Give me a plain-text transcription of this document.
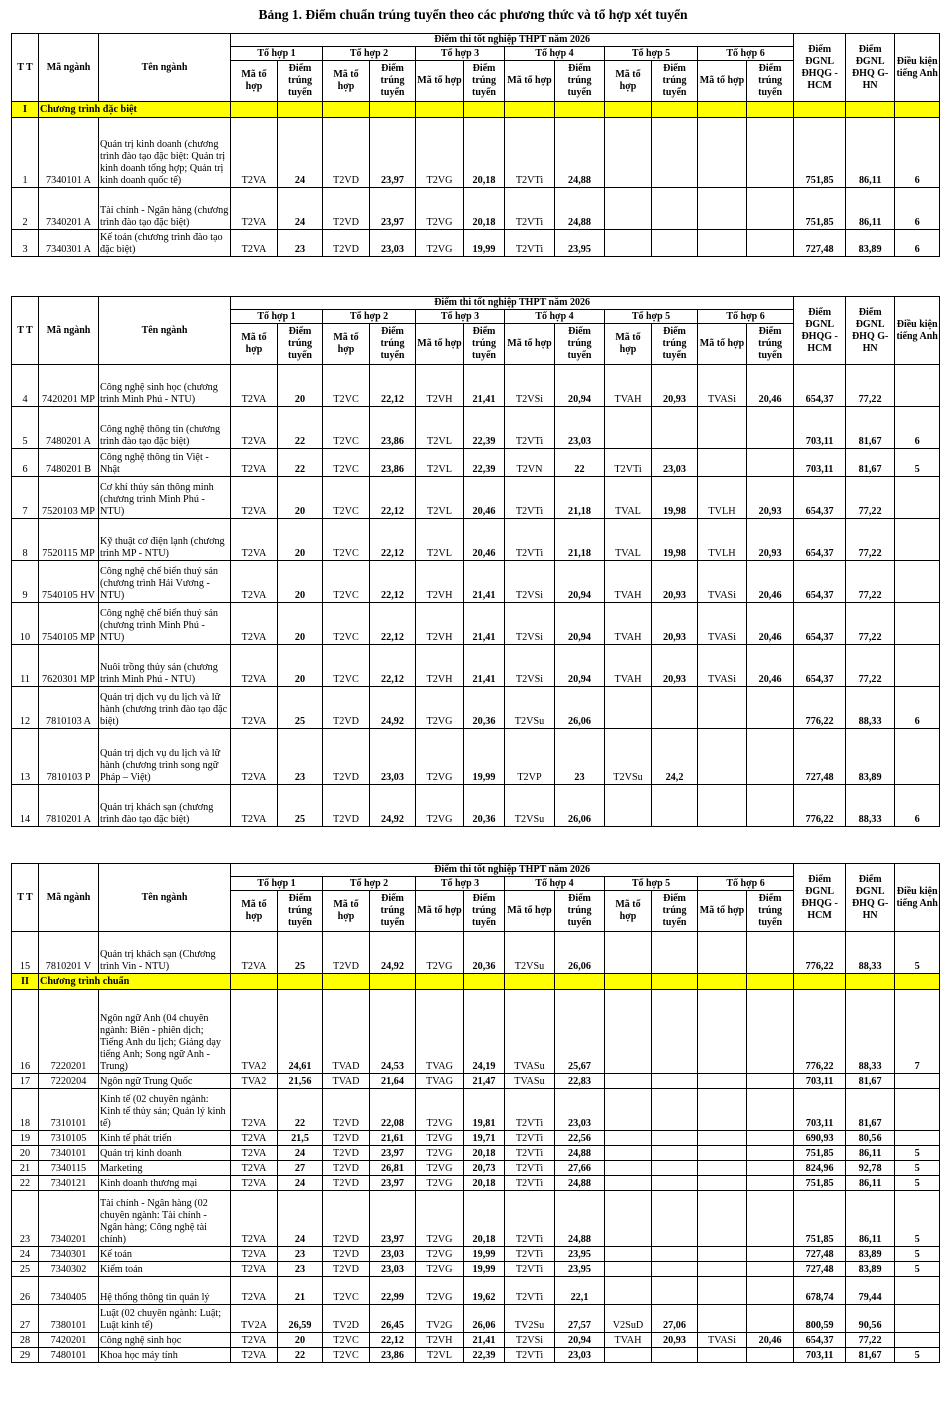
Bảng 1. Điểm chuẩn trúng tuyển theo các phương thức và tổ hợp xét tuyển
T T	Mã ngành	Tên ngành	Điểm thi tốt nghiệp THPT năm 2026												Điểm ĐGNL ĐHQG -HCM	Điểm ĐGNL ĐHQ G-HN	Điều kiện tiếng Anh
			Tổ hợp 1		Tổ hợp 2		Tổ hợp 3		Tổ hợp 4		Tổ hợp 5		Tổ hợp 6				
			Mã tổ hợp	Điểm trúng tuyển	Mã tổ hợp	Điểm trúng tuyển	Mã tổ hợp	Điểm trúng tuyển	Mã tổ hợp	Điểm trúng tuyển	Mã tổ hợp	Điểm trúng tuyển	Mã tổ hợp	Điểm trúng tuyển			
I	Chương trình đặc biệt																
1	7340101 A	Quản trị kinh doanh (chương trình đào tạo đặc biệt: Quản trị kinh doanh tổng hợp; Quản trị kinh doanh quốc tế)	T2VA	24	T2VD	23,97	T2VG	20,18	T2VTi	24,88					751,85	86,11	6
2	7340201 A	Tài chính - Ngân hàng (chương trình đào tạo đặc biệt)	T2VA	24	T2VD	23,97	T2VG	20,18	T2VTi	24,88					751,85	86,11	6
3	7340301 A	Kế toán (chương trình đào tạo đặc biệt)	T2VA	23	T2VD	23,03	T2VG	19,99	T2VTi	23,95					727,48	83,89	6
T T	Mã ngành	Tên ngành	Điểm thi tốt nghiệp THPT năm 2026												Điểm ĐGNL ĐHQG -HCM	Điểm ĐGNL ĐHQ G-HN	Điều kiện tiếng Anh
			Tổ hợp 1		Tổ hợp 2		Tổ hợp 3		Tổ hợp 4		Tổ hợp 5		Tổ hợp 6				
			Mã tổ hợp	Điểm trúng tuyển	Mã tổ hợp	Điểm trúng tuyển	Mã tổ hợp	Điểm trúng tuyển	Mã tổ hợp	Điểm trúng tuyển	Mã tổ hợp	Điểm trúng tuyển	Mã tổ hợp	Điểm trúng tuyển			
4	7420201 MP	Công nghệ sinh học (chương trình Minh Phú - NTU)	T2VA	20	T2VC	22,12	T2VH	21,41	T2VSi	20,94	TVAH	20,93	TVASi	20,46	654,37	77,22	
5	7480201 A	Công nghệ thông tin (chương trình đào tạo đặc biệt)	T2VA	22	T2VC	23,86	T2VL	22,39	T2VTi	23,03					703,11	81,67	6
6	7480201 B	Công nghệ thông tin Việt - Nhật	T2VA	22	T2VC	23,86	T2VL	22,39	T2VN	22	T2VTi	23,03			703,11	81,67	5
7	7520103 MP	Cơ khí thủy sản thông minh (chương trình Minh Phú - NTU)	T2VA	20	T2VC	22,12	T2VL	20,46	T2VTi	21,18	TVAL	19,98	TVLH	20,93	654,37	77,22	
8	7520115 MP	Kỹ thuật cơ điện lạnh (chương trình MP - NTU)	T2VA	20	T2VC	22,12	T2VL	20,46	T2VTi	21,18	TVAL	19,98	TVLH	20,93	654,37	77,22	
9	7540105 HV	Công nghệ chế biến thuỷ sản (chương trình Hải Vương - NTU)	T2VA	20	T2VC	22,12	T2VH	21,41	T2VSi	20,94	TVAH	20,93	TVASi	20,46	654,37	77,22	
10	7540105 MP	Công nghệ chế biến thuỷ sản (chương trình Minh Phú - NTU)	T2VA	20	T2VC	22,12	T2VH	21,41	T2VSi	20,94	TVAH	20,93	TVASi	20,46	654,37	77,22	
11	7620301 MP	Nuôi trồng thủy sản (chương trình Minh Phú - NTU)	T2VA	20	T2VC	22,12	T2VH	21,41	T2VSi	20,94	TVAH	20,93	TVASi	20,46	654,37	77,22	
12	7810103 A	Quản trị dịch vụ du lịch và lữ hành (chương trình đào tạo đặc biệt)	T2VA	25	T2VD	24,92	T2VG	20,36	T2VSu	26,06					776,22	88,33	6
13	7810103 P	Quản trị dịch vụ du lịch và lữ hành (chương trình song ngữ Pháp – Việt)	T2VA	23	T2VD	23,03	T2VG	19,99	T2VP	23	T2VSu	24,2			727,48	83,89	
14	7810201 A	Quản trị khách sạn (chương trình đào tạo đặc biệt)	T2VA	25	T2VD	24,92	T2VG	20,36	T2VSu	26,06					776,22	88,33	6
T T	Mã ngành	Tên ngành	Điểm thi tốt nghiệp THPT năm 2026												Điểm ĐGNL ĐHQG -HCM	Điểm ĐGNL ĐHQ G-HN	Điều kiện tiếng Anh
			Tổ hợp 1		Tổ hợp 2		Tổ hợp 3		Tổ hợp 4		Tổ hợp 5		Tổ hợp 6				
			Mã tổ hợp	Điểm trúng tuyển	Mã tổ hợp	Điểm trúng tuyển	Mã tổ hợp	Điểm trúng tuyển	Mã tổ hợp	Điểm trúng tuyển	Mã tổ hợp	Điểm trúng tuyển	Mã tổ hợp	Điểm trúng tuyển			
15	7810201 V	Quản trị khách sạn (Chương trình Vin - NTU)	T2VA	25	T2VD	24,92	T2VG	20,36	T2VSu	26,06					776,22	88,33	5
II	Chương trình chuẩn																
16	7220201	Ngôn ngữ Anh (04 chuyên ngành: Biên - phiên dịch; Tiếng Anh du lịch; Giảng dạy tiếng Anh; Song ngữ Anh - Trung)	TVA2	24,61	TVAD	24,53	TVAG	24,19	TVASu	25,67					776,22	88,33	7
17	7220204	Ngôn ngữ Trung Quốc	TVA2	21,56	TVAD	21,64	TVAG	21,47	TVASu	22,83					703,11	81,67	
18	7310101	Kinh tế (02 chuyên ngành: Kinh tế thủy sản; Quản lý kinh tế)	T2VA	22	T2VD	22,08	T2VG	19,81	T2VTi	23,03					703,11	81,67	
19	7310105	Kinh tế phát triển	T2VA	21,5	T2VD	21,61	T2VG	19,71	T2VTi	22,56					690,93	80,56	
20	7340101	Quản trị kinh doanh	T2VA	24	T2VD	23,97	T2VG	20,18	T2VTi	24,88					751,85	86,11	5
21	7340115	Marketing	T2VA	27	T2VD	26,81	T2VG	20,73	T2VTi	27,66					824,96	92,78	5
22	7340121	Kinh doanh thương mại	T2VA	24	T2VD	23,97	T2VG	20,18	T2VTi	24,88					751,85	86,11	5
23	7340201	Tài chính - Ngân hàng (02 chuyên ngành: Tài chính - Ngân hàng; Công nghệ tài chính)	T2VA	24	T2VD	23,97	T2VG	20,18	T2VTi	24,88					751,85	86,11	5
24	7340301	Kế toán	T2VA	23	T2VD	23,03	T2VG	19,99	T2VTi	23,95					727,48	83,89	5
25	7340302	Kiểm toán	T2VA	23	T2VD	23,03	T2VG	19,99	T2VTi	23,95					727,48	83,89	5
26	7340405	Hệ thống thông tin quản lý	T2VA	21	T2VC	22,99	T2VG	19,62	T2VTi	22,1					678,74	79,44	
27	7380101	Luật (02 chuyên ngành: Luật; Luật kinh tế)	TV2A	26,59	TV2D	26,45	TV2G	26,06	TV2Su	27,57	V2SuD	27,06			800,59	90,56	
28	7420201	Công nghệ sinh học	T2VA	20	T2VC	22,12	T2VH	21,41	T2VSi	20,94	TVAH	20,93	TVASi	20,46	654,37	77,22	
29	7480101	Khoa học máy tính	T2VA	22	T2VC	23,86	T2VL	22,39	T2VTi	23,03					703,11	81,67	5
